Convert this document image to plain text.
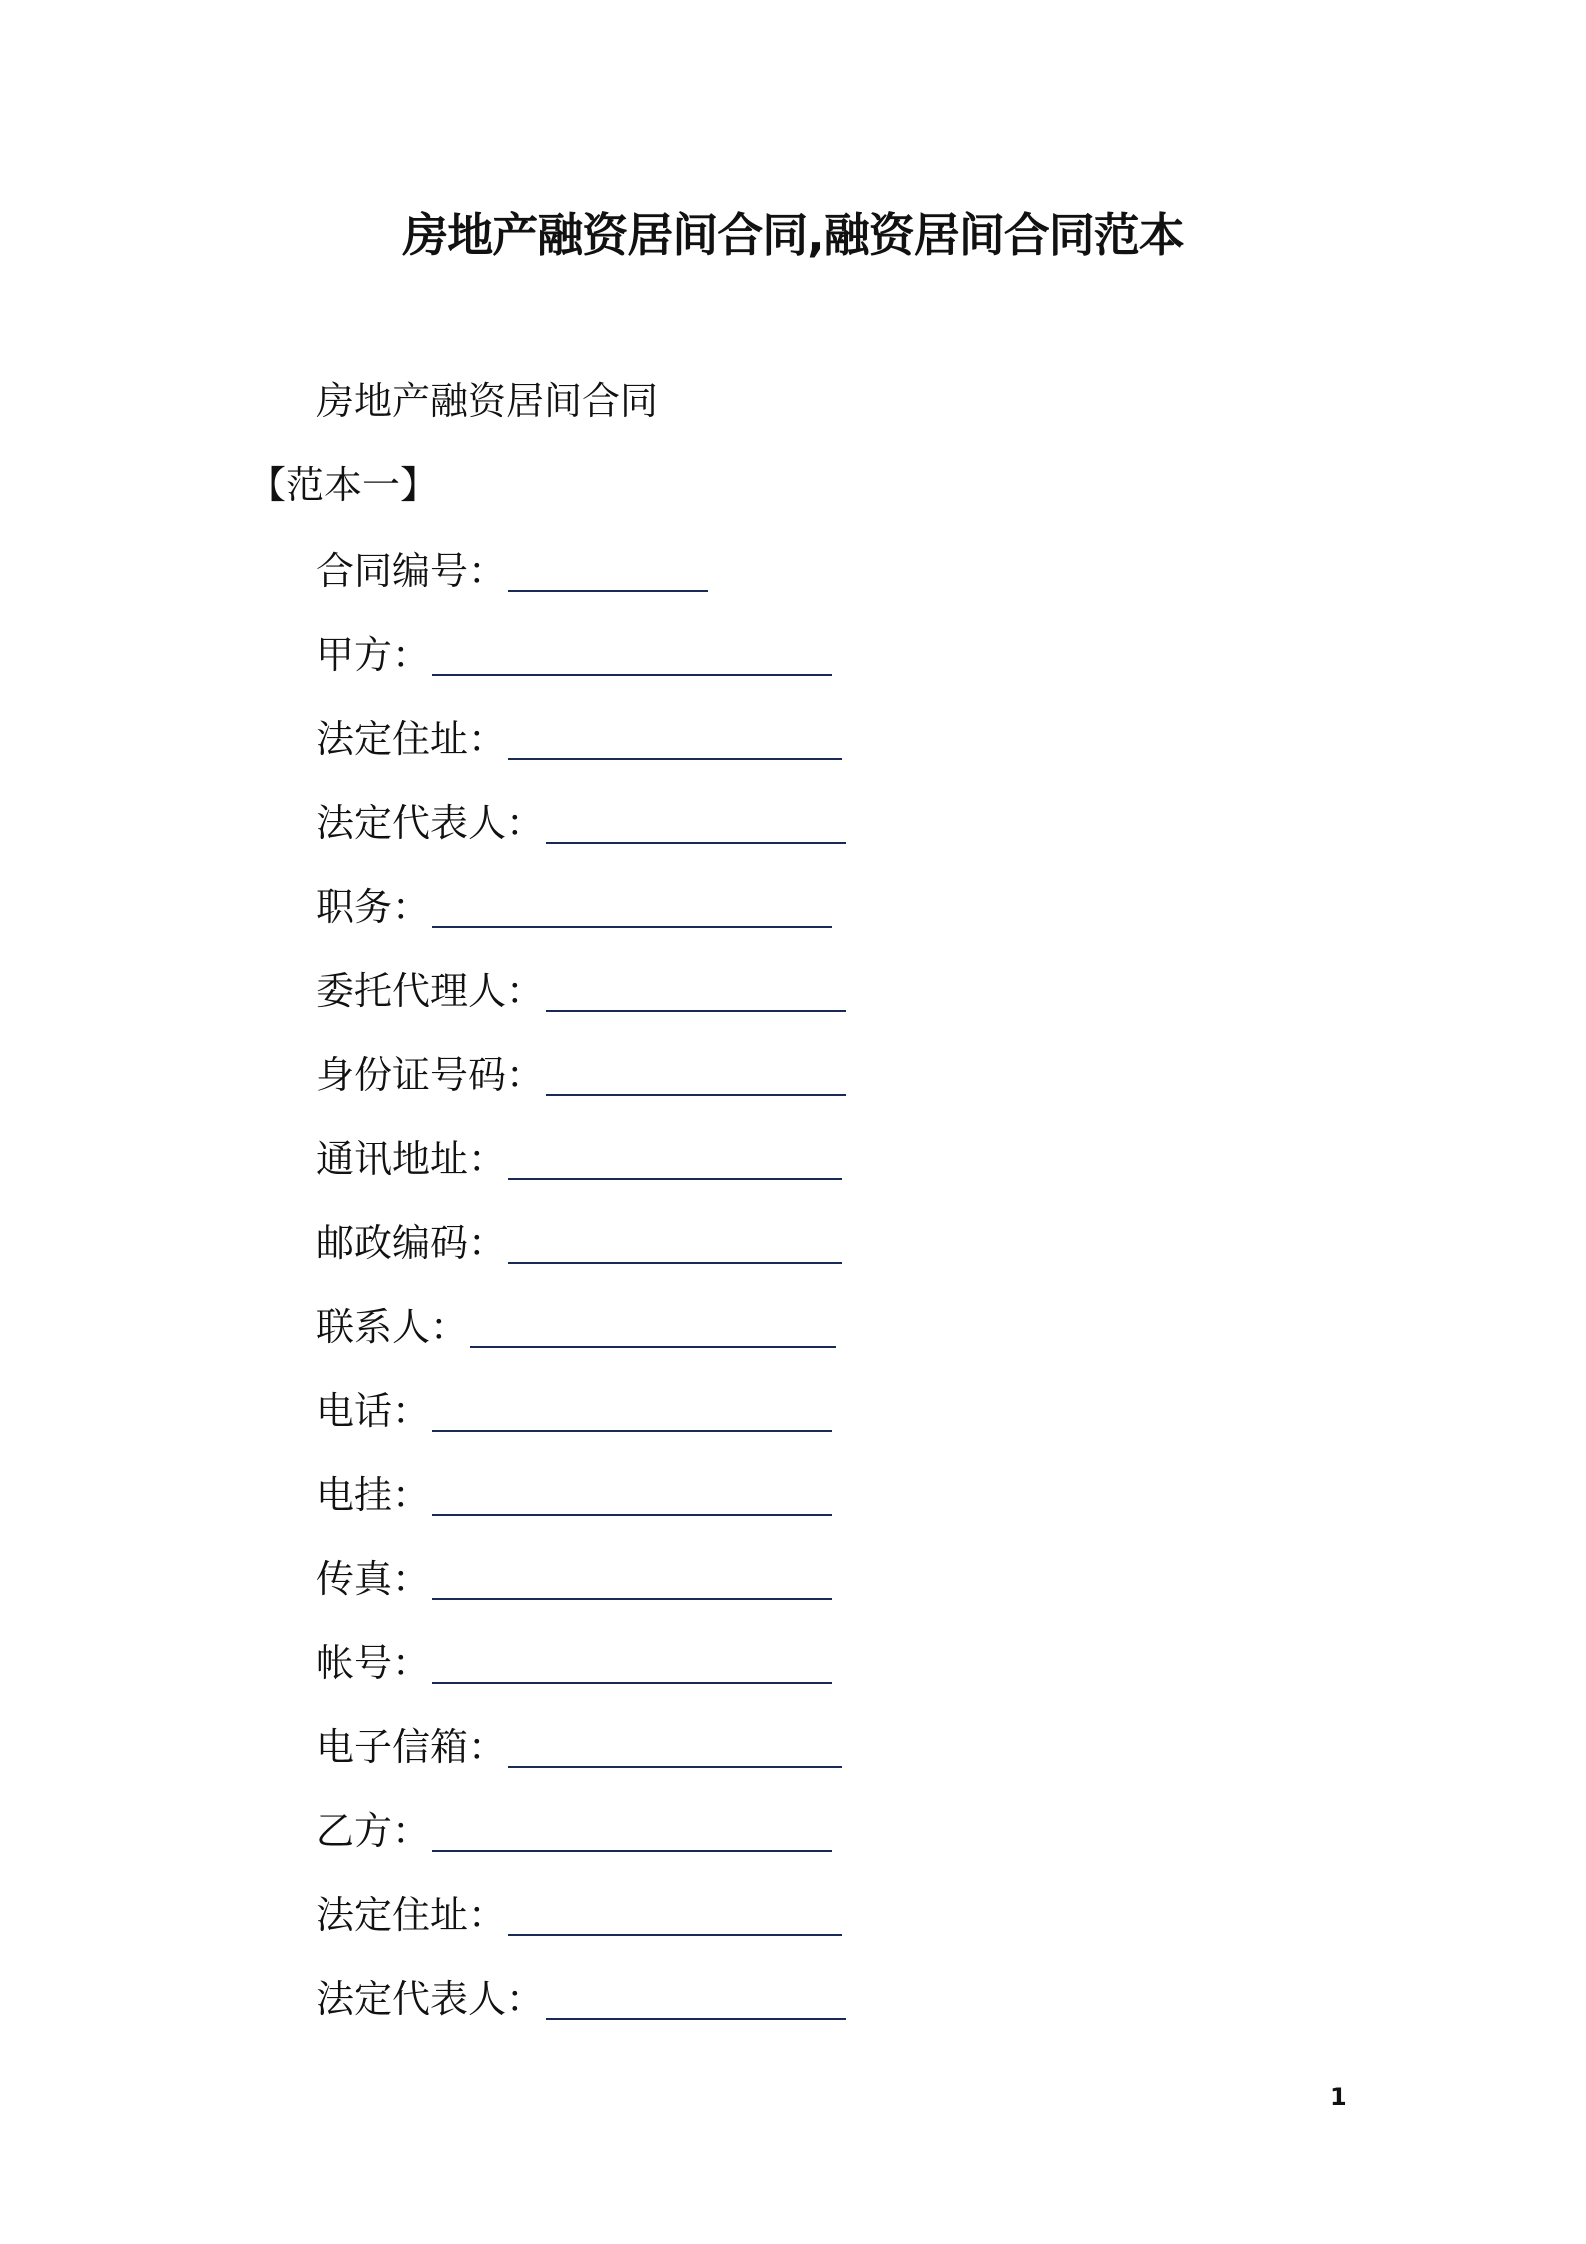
房地产融资居间合同,融资居间合同范本
房地产融资居间合同
【范本一】
合同编号：
甲方：
法定住址：
法定代表人：
职务：
委托代理人：
身份证号码：
通讯地址：
邮政编码：
联系人：
电话：
电挂：
传真：
帐号：
电子信箱：
乙方：
法定住址：
法定代表人：
1
